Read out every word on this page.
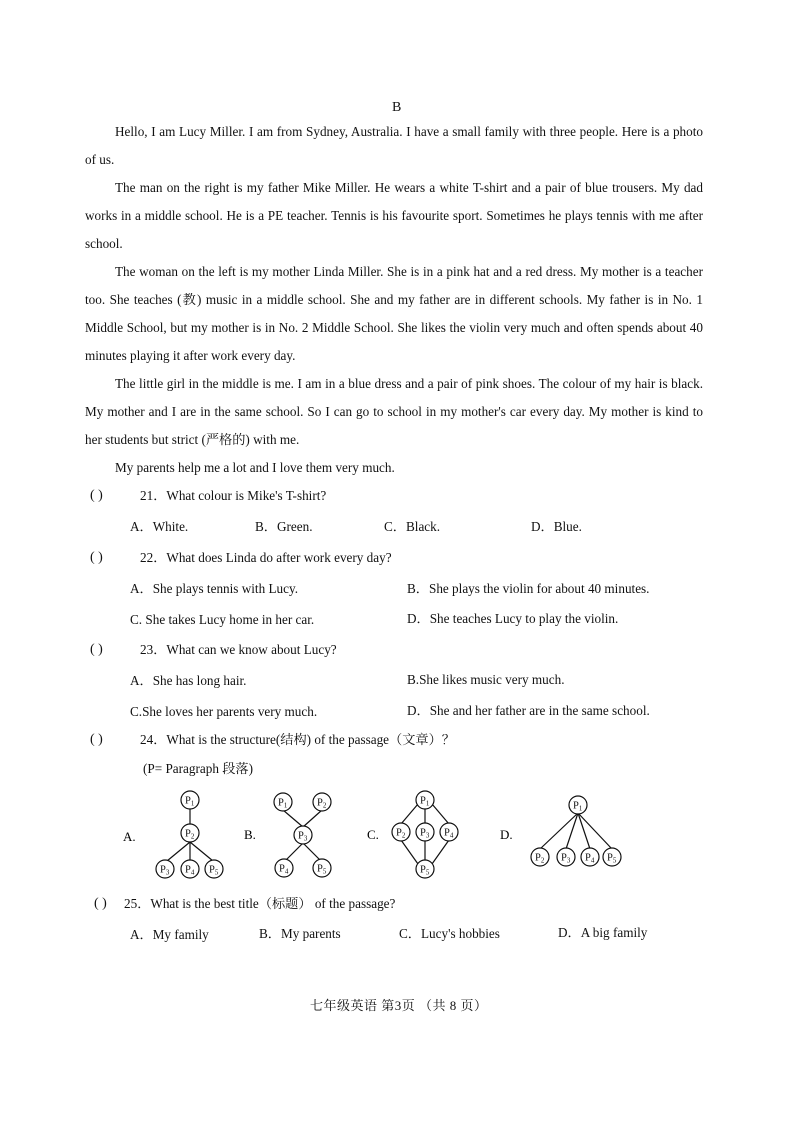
B
Hello, I am Lucy Miller. I am from Sydney, Australia. I have a small family with three people. Here is a photo of us.
The man on the right is my father Mike Miller. He wears a white T-shirt and a pair of blue trousers. My dad works in a middle school. He is a PE teacher. Tennis is his favourite sport. Sometimes he plays tennis with me after school.
The woman on the left is my mother Linda Miller. She is in a pink hat and a red dress. My mother is a teacher too. She teaches (教) music in a middle school. She and my father are in different schools. My father is in No. 1 Middle School, but my mother is in No. 2 Middle School. She likes the violin very much and often spends about 40 minutes playing it after work every day.
The little girl in the middle is me. I am in a blue dress and a pair of pink shoes. The colour of my hair is black. My mother and I are in the same school. So I can go to school in my mother's car every day. My mother is kind to her students but strict (严格的) with me.
My parents help me a lot and I love them very much.
( )	21．What colour is Mike's T-shirt?
A．White.	B．Green.	C．Black.	D．Blue.
( )	22．What does Linda do after work every day?
A．She plays tennis with Lucy.	B．She plays the violin for about 40 minutes.
C. She takes Lucy home in her car.	D．She teaches Lucy to play the violin.
( )	23．What can we know about Lucy?
A．She has long hair.	B.She likes music very much.
C.She loves her parents very much.	D．She and her father are in the same school.
( )	24．What is the structure(结构) of the passage（文章）？
(P= Paragraph 段落)
A.	B.	C.	D.
P1
P2
P3 P4 P5
P1	P2
P3
P4	P5
P1
P2 P3 P4
P5
P1
P2 P3 P4 P5
( ) 25．What is the best title（标题） of the passage?
A．My family	B．My parents	C．Lucy's hobbies	D．A big family
七年级英语 第3页 （共 8 页）
